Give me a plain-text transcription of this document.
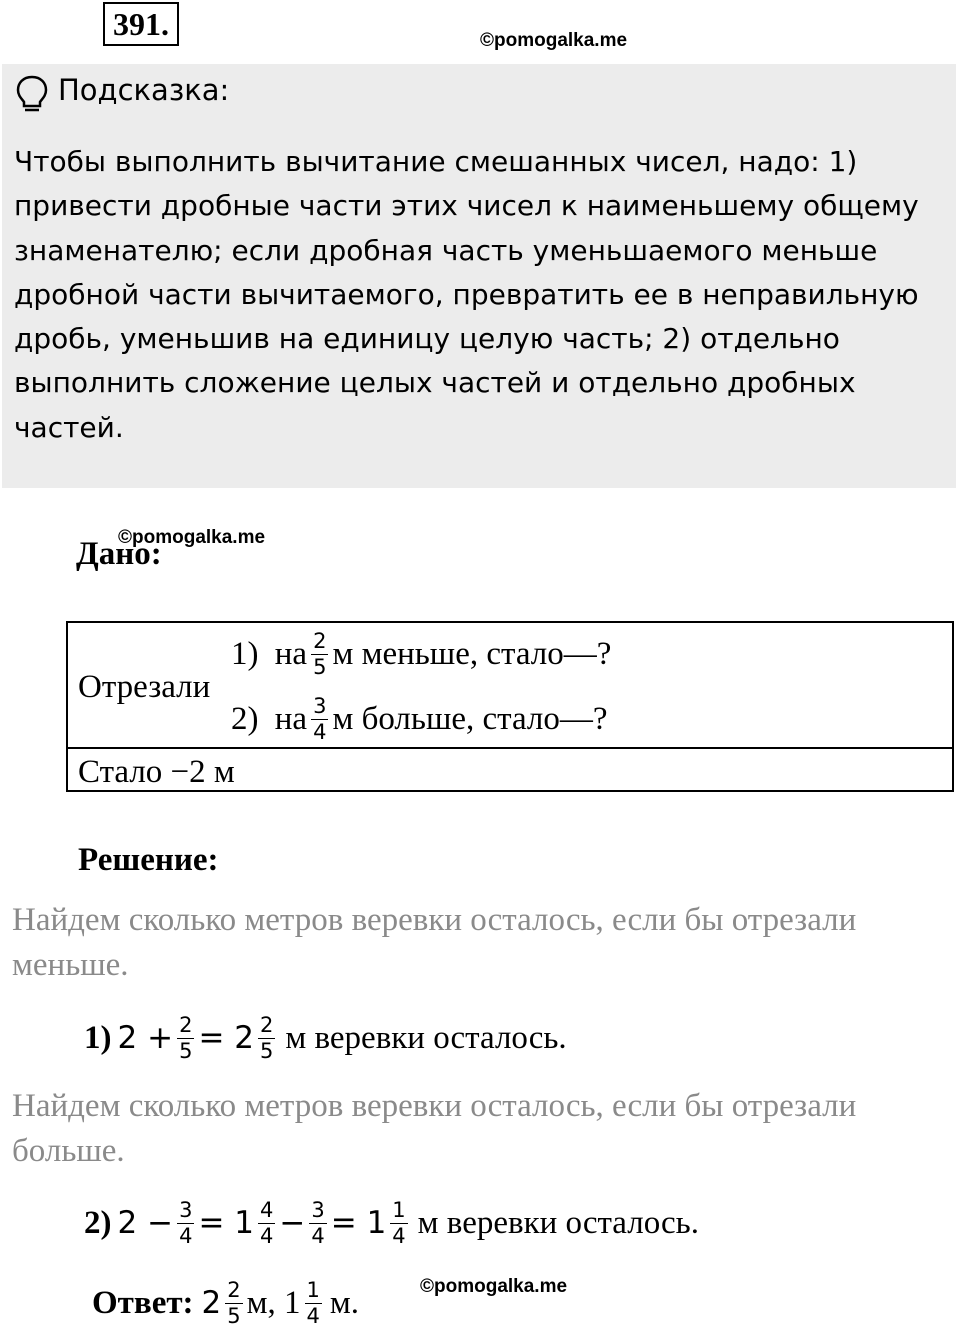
391.	©pomogalka.me
Подсказка:
Чтобы выполнить вычитание смешанных чисел, надо: 1) привести дробные части этих чисел к наименьшему общему знаменателю; если дробная часть уменьшаемого меньше дробной части вычитаемого, превратить ее в неправильную дробь, уменьшив на единицу целую часть; 2) отдельно выполнить сложение целых частей и отдельно дробных частей.
Дано:
©pomogalka.me
Отрезали
1)
на $\frac{2}{5}$ м меньше, стало—?
2)
на $\frac{3}{4}$ м больше, стало—?
Стало −2 м
Решение:
Найдем сколько метров веревки осталось, если бы отрезали меньше.
1) $2 + \frac{2}{5} = 2 \frac{2}{5}$ м веревки осталось.
Найдем сколько метров веревки осталось, если бы отрезали больше.
2) $2 - \frac{3}{4} = 1 \frac{4}{4} - \frac{3}{4} = 1 \frac{1}{4}$ м веревки осталось.
Ответ: $2 \frac{2}{5} м$, $1 \frac{1}{4} м$.	©pomogalka.me
